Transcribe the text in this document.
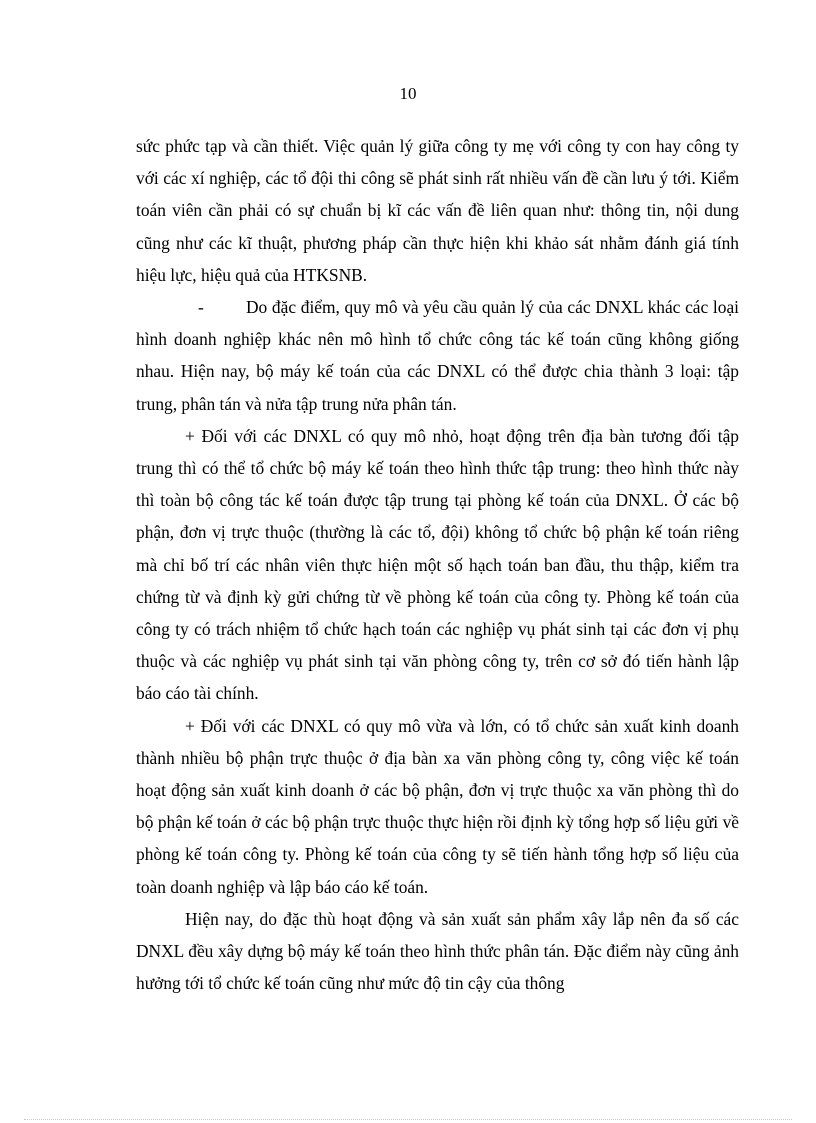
10

sức phức tạp và cần thiết. Việc quản lý giữa công ty mẹ với công ty con hay công ty với các xí nghiệp, các tổ đội thi công sẽ phát sinh rất nhiều vấn đề cần lưu ý tới. Kiểm toán viên cần phải có sự chuẩn bị kĩ các vấn đề liên quan như: thông tin, nội dung cũng như các kĩ thuật, phương pháp cần thực hiện khi khảo sát nhằm đánh giá tính hiệu lực, hiệu quả của HTKSNB.

- Do đặc điểm, quy mô và yêu cầu quản lý của các DNXL khác các loại hình doanh nghiệp khác nên mô hình tổ chức công tác kế toán cũng không giống nhau. Hiện nay, bộ máy kế toán của các DNXL có thể được chia thành 3 loại: tập trung, phân tán và nửa tập trung nửa phân tán.

+ Đối với các DNXL có quy mô nhỏ, hoạt động trên địa bàn tương đối tập trung thì có thể tổ chức bộ máy kế toán theo hình thức tập trung: theo hình thức này thì toàn bộ công tác kế toán được tập trung tại phòng kế toán của DNXL. Ở các bộ phận, đơn vị trực thuộc (thường là các tổ, đội) không tổ chức bộ phận kế toán riêng mà chỉ bố trí các nhân viên thực hiện một số hạch toán ban đầu, thu thập, kiểm tra chứng từ và định kỳ gửi chứng từ về phòng kế toán của công ty. Phòng kế toán của công ty có trách nhiệm tổ chức hạch toán các nghiệp vụ phát sinh tại các đơn vị phụ thuộc và các nghiệp vụ phát sinh tại văn phòng công ty, trên cơ sở đó tiến hành lập báo cáo tài chính.

+ Đối với các DNXL có quy mô vừa và lớn, có tổ chức sản xuất kinh doanh thành nhiều bộ phận trực thuộc ở địa bàn xa văn phòng công ty, công việc kế toán hoạt động sản xuất kinh doanh ở các bộ phận, đơn vị trực thuộc xa văn phòng thì do bộ phận kế toán ở các bộ phận trực thuộc thực hiện rồi định kỳ tổng hợp số liệu gửi về phòng kế toán công ty. Phòng kế toán của công ty sẽ tiến hành tổng hợp số liệu của toàn doanh nghiệp và lập báo cáo kế toán.

Hiện nay, do đặc thù hoạt động và sản xuất sản phẩm xây lắp nên đa số các DNXL đều xây dựng bộ máy kế toán theo hình thức phân tán. Đặc điểm này cũng ảnh hưởng tới tổ chức kế toán cũng như mức độ tin cậy của thông
